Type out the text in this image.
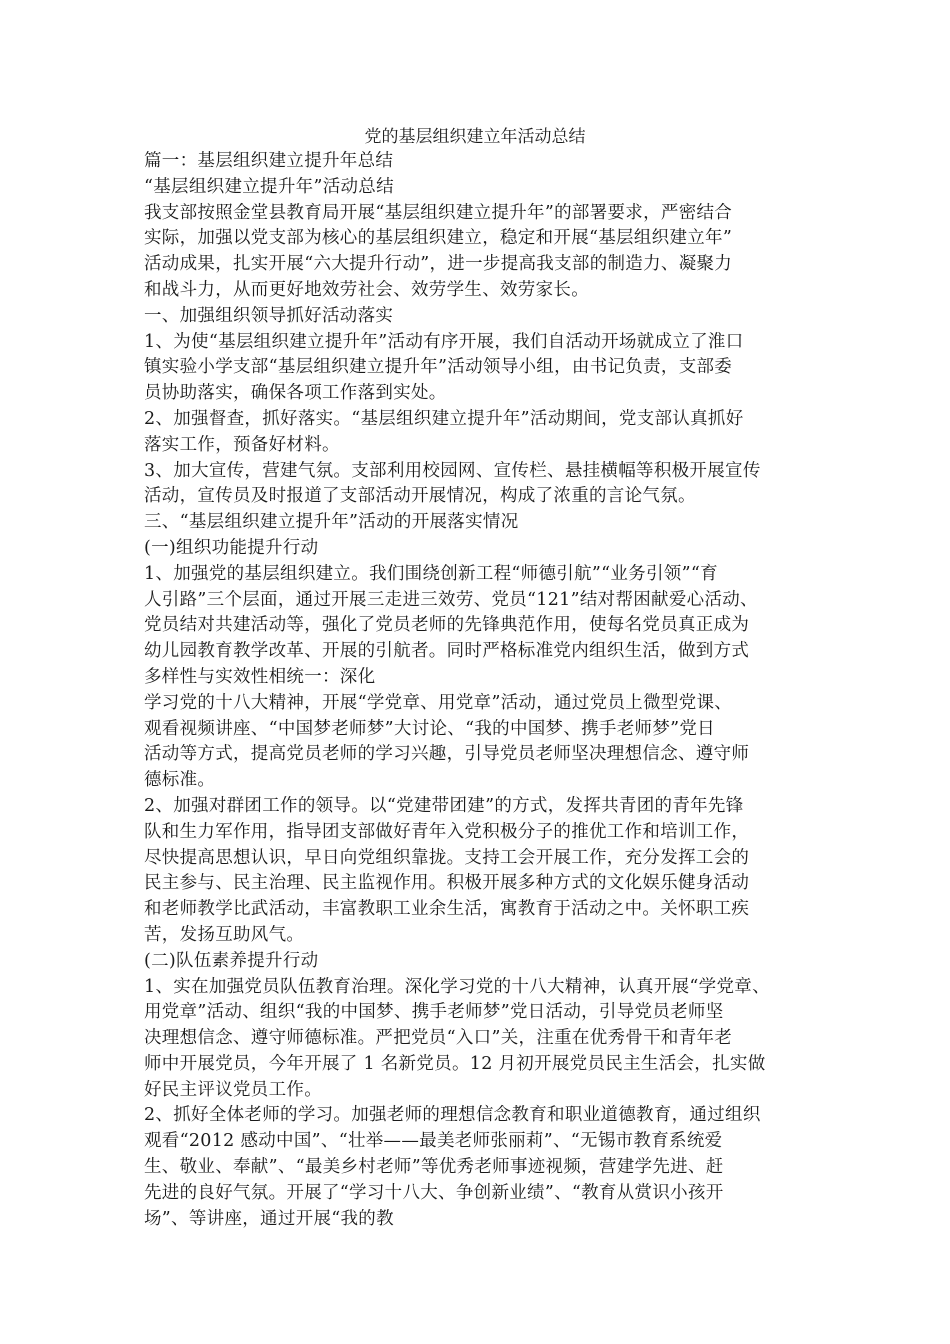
党的基层组织建立年活动总结
篇一：基层组织建立提升年总结
“基层组织建立提升年”活动总结
我支部按照金堂县教育局开展“基层组织建立提升年”的部署要求，严密结合
实际，加强以党支部为核心的基层组织建立，稳定和开展“基层组织建立年”
活动成果，扎实开展“六大提升行动”，进一步提高我支部的制造力、凝聚力
和战斗力，从而更好地效劳社会、效劳学生、效劳家长。
一、加强组织领导抓好活动落实
1、为使“基层组织建立提升年”活动有序开展，我们自活动开场就成立了淮口
镇实验小学支部“基层组织建立提升年”活动领导小组，由书记负责，支部委
员协助落实，确保各项工作落到实处。
2、加强督查，抓好落实。“基层组织建立提升年”活动期间，党支部认真抓好
落实工作，预备好材料。
3、加大宣传，营建气氛。支部利用校园网、宣传栏、悬挂横幅等积极开展宣传
活动，宣传员及时报道了支部活动开展情况，构成了浓重的言论气氛。
三、“基层组织建立提升年”活动的开展落实情况
(一)组织功能提升行动
1、加强党的基层组织建立。我们围绕创新工程“师德引航”“业务引领”“育
人引路”三个层面，通过开展三走进三效劳、党员“121”结对帮困献爱心活动、
党员结对共建活动等，强化了党员老师的先锋典范作用，使每名党员真正成为
幼儿园教育教学改革、开展的引航者。同时严格标准党内组织生活，做到方式
多样性与实效性相统一：深化
学习党的十八大精神，开展“学党章、用党章”活动，通过党员上微型党课、
观看视频讲座、“中国梦老师梦”大讨论、“我的中国梦、携手老师梦”党日
活动等方式，提高党员老师的学习兴趣，引导党员老师坚决理想信念、遵守师
德标准。
2、加强对群团工作的领导。以“党建带团建”的方式，发挥共青团的青年先锋
队和生力军作用，指导团支部做好青年入党积极分子的推优工作和培训工作，
尽快提高思想认识，早日向党组织靠拢。支持工会开展工作，充分发挥工会的
民主参与、民主治理、民主监视作用。积极开展多种方式的文化娱乐健身活动
和老师教学比武活动，丰富教职工业余生活，寓教育于活动之中。关怀职工疾
苦，发扬互助风气。
(二)队伍素养提升行动
1、实在加强党员队伍教育治理。深化学习党的十八大精神，认真开展“学党章、
用党章”活动、组织“我的中国梦、携手老师梦”党日活动，引导党员老师坚
决理想信念、遵守师德标准。严把党员“入口”关，注重在优秀骨干和青年老
师中开展党员，今年开展了 1 名新党员。12 月初开展党员民主生活会，扎实做
好民主评议党员工作。
2、抓好全体老师的学习。加强老师的理想信念教育和职业道德教育，通过组织
观看“2012 感动中国”、“壮举——最美老师张丽莉”、“无锡市教育系统爱
生、敬业、奉献”、“最美乡村老师”等优秀老师事迹视频，营建学先进、赶
先进的良好气氛。开展了“学习十八大、争创新业绩”、“教育从赏识小孩开
场”、等讲座，通过开展“我的教
